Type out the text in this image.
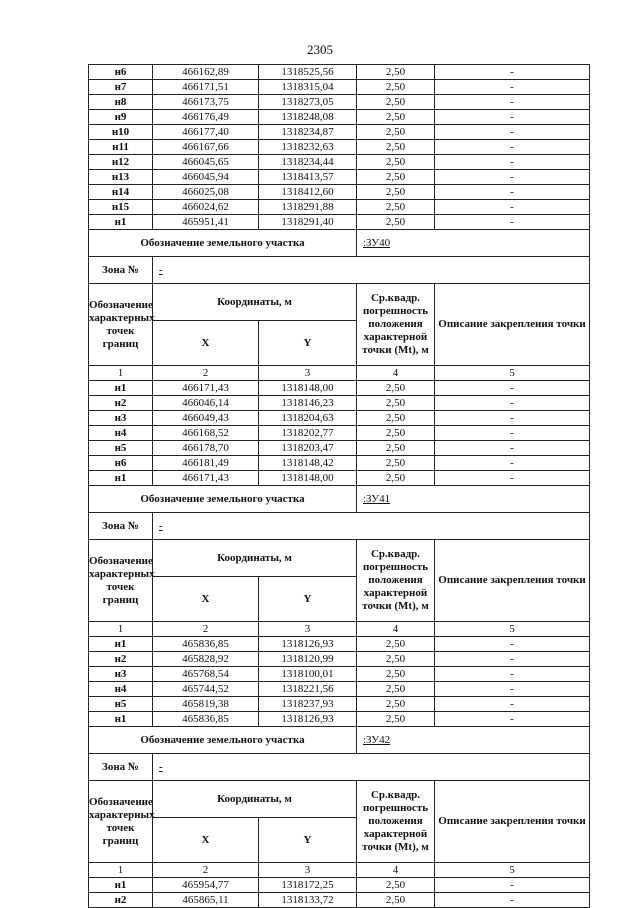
2305
н6	466162,89	1318525,56	2,50	-
н7	466171,51	1318315,04	2,50	-
н8	466173,75	1318273,05	2,50	-
н9	466176,49	1318248,08	2,50	-
н10	466177,40	1318234,87	2,50	-
н11	466167,66	1318232,63	2,50	-
н12	466045,65	1318234,44	2,50	-
н13	466045,94	1318413,57	2,50	-
н14	466025,08	1318412,60	2,50	-
н15	466024,62	1318291,88	2,50	-
н1	465951,41	1318291,40	2,50	-
Обозначение земельного участка			:ЗУ40	
Зона №	-			
Обозначение характерных точек границ	Координаты, м		Ср.квадр. погрешность положения характерной точки (Mt), м	Описание закрепления точки
	X	Y		
1	2	3	4	5
н1	466171,43	1318148,00	2,50	-
н2	466046,14	1318146,23	2,50	-
н3	466049,43	1318204,63	2,50	-
н4	466168,52	1318202,77	2,50	-
н5	466178,70	1318203,47	2,50	-
н6	466181,49	1318148,42	2,50	-
н1	466171,43	1318148,00	2,50	-
Обозначение земельного участка			:ЗУ41	
Зона №	-			
Обозначение характерных точек границ	Координаты, м		Ср.квадр. погрешность положения характерной точки (Mt), м	Описание закрепления точки
	X	Y		
1	2	3	4	5
н1	465836,85	1318126,93	2,50	-
н2	465828,92	1318120,99	2,50	-
н3	465768,54	1318100,01	2,50	-
н4	465744,52	1318221,56	2,50	-
н5	465819,38	1318237,93	2,50	-
н1	465836,85	1318126,93	2,50	-
Обозначение земельного участка			:ЗУ42	
Зона №	-			
Обозначение характерных точек границ	Координаты, м		Ср.квадр. погрешность положения характерной точки (Mt), м	Описание закрепления точки
	X	Y		
1	2	3	4	5
н1	465954,77	1318172,25	2,50	-
н2	465865,11	1318133,72	2,50	-
